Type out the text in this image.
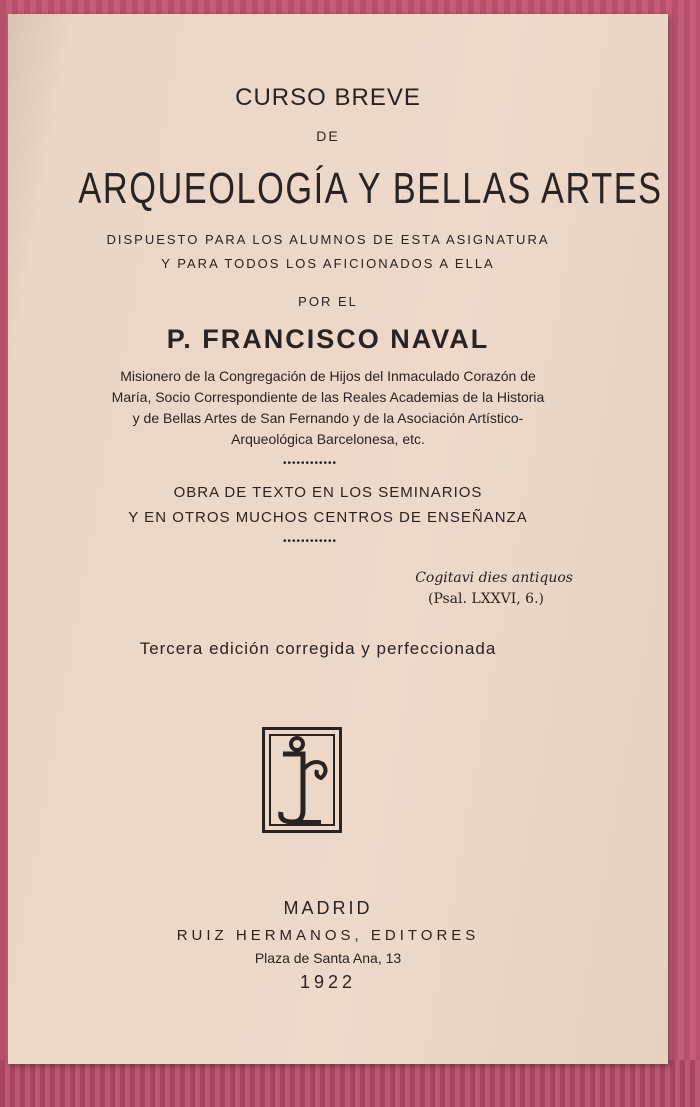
CURSO BREVE
DE
ARQUEOLOGÍA Y BELLAS ARTES
DISPUESTO PARA LOS ALUMNOS DE ESTA ASIGNATURA
Y PARA TODOS LOS AFICIONADOS A ELLA
POR EL
P. FRANCISCO NAVAL
Misionero de la Congregación de Hijos del Inmaculado Corazón de
María, Socio Correspondiente de las Reales Academias de la Historia
y de Bellas Artes de San Fernando y de la Asociación Artístico-
Arqueológica Barcelonesa, etc.
••••••••••••
OBRA DE TEXTO EN LOS SEMINARIOS
Y EN OTROS MUCHOS CENTROS DE ENSEÑANZA
••••••••••••
Cogitavi dies antiquos
(Psal. LXXVI, 6.)
Tercera edición corregida y perfeccionada
MADRID
RUIZ HERMANOS, EDITORES
Plaza de Santa Ana, 13
1922
